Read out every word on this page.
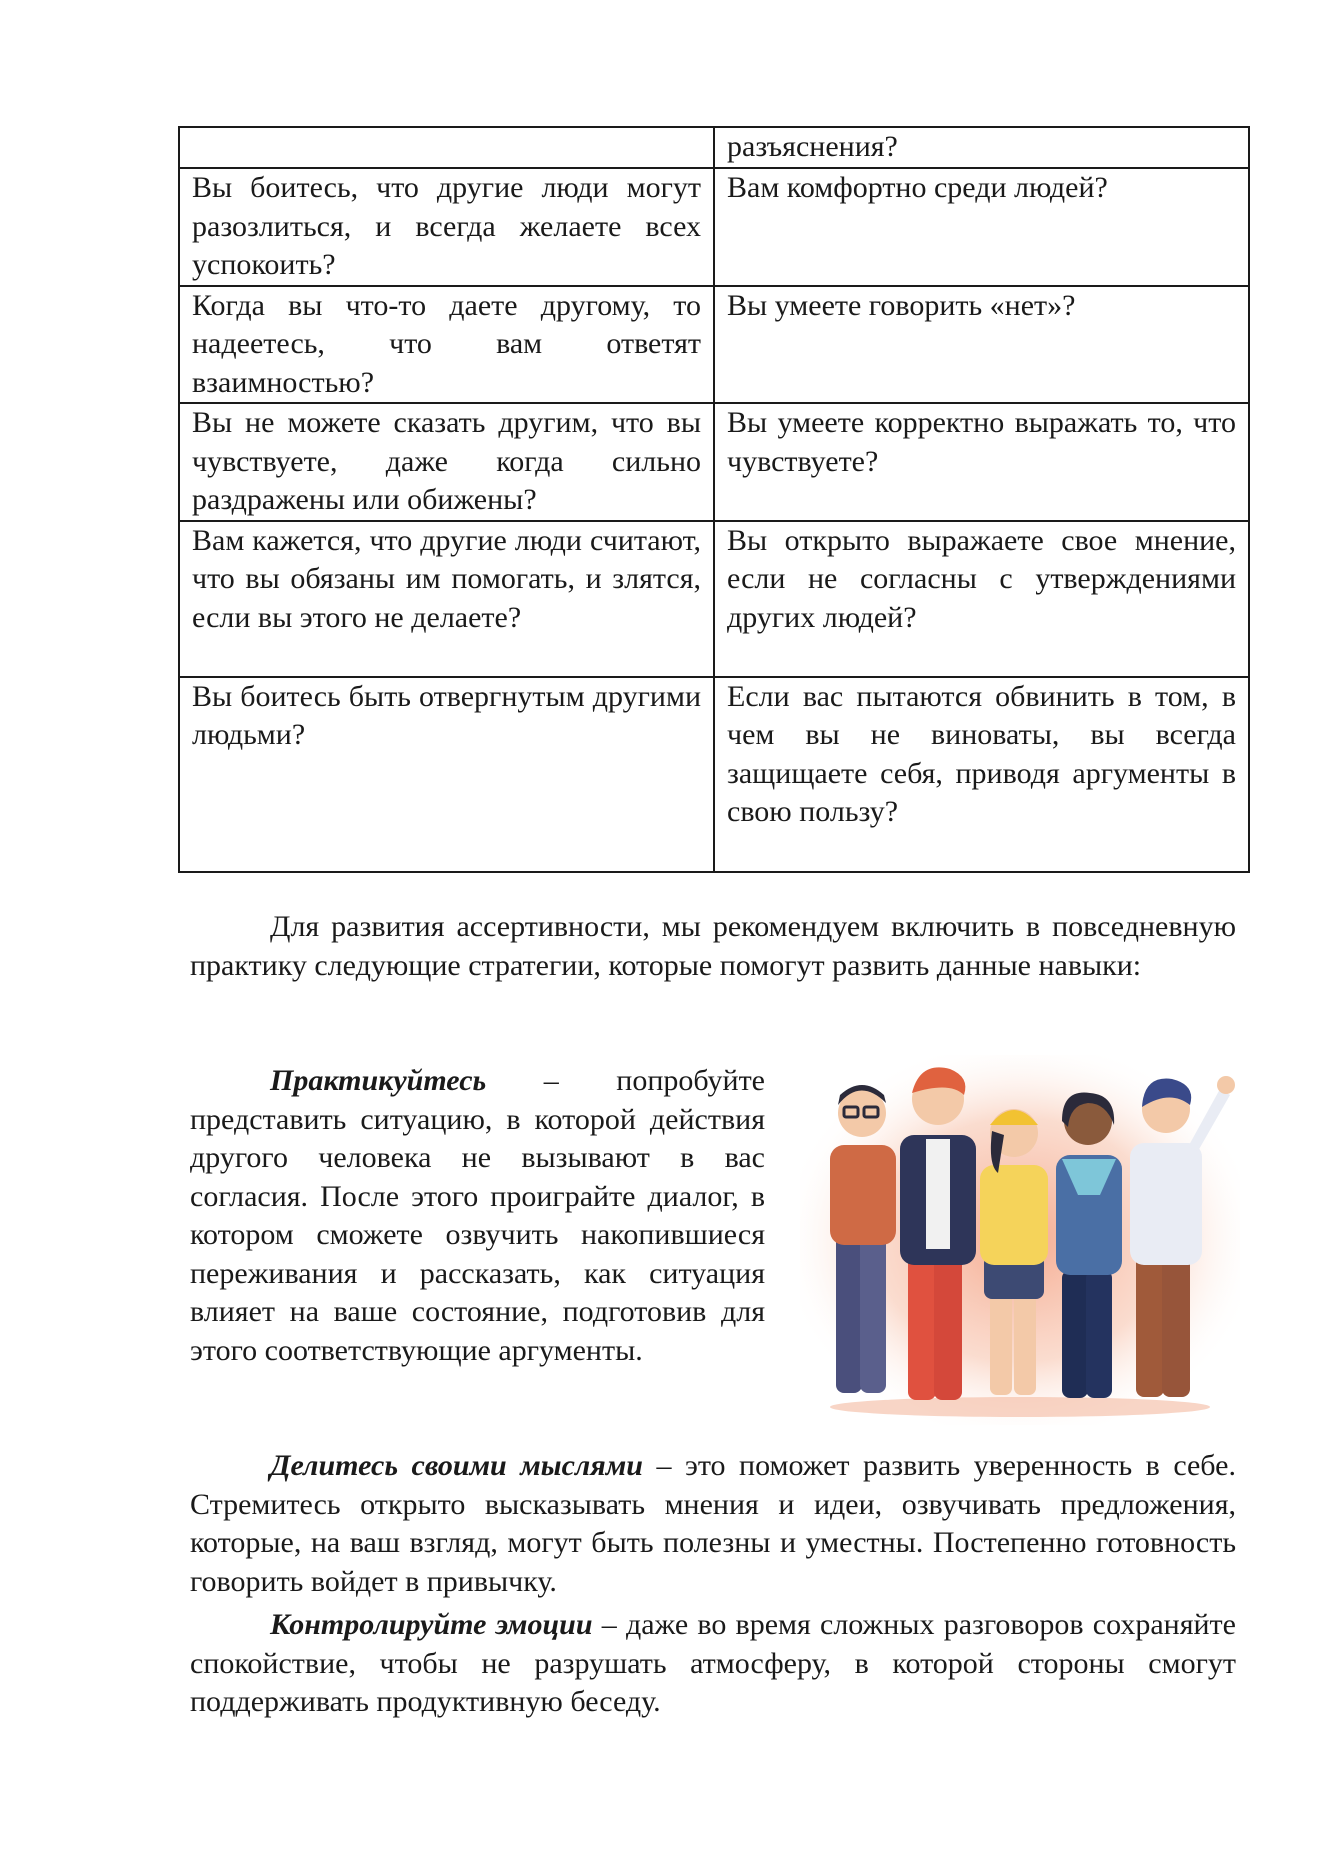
	разъяснения?
Вы боитесь, что другие люди могут разозлиться, и всегда желаете всех успокоить?	Вам комфортно среди людей?
Когда вы что-то даете другому, то надеетесь, что вам ответят взаимностью?	Вы умеете говорить «нет»?
Вы не можете сказать другим, что вы чувствуете, даже когда сильно раздражены или обижены?	Вы умеете корректно выражать то, что чувствуете?
Вам кажется, что другие люди считают, что вы обязаны им помогать, и злятся, если вы этого не делаете?	Вы открыто выражаете свое мнение, если не согласны с утверждениями других людей?
Вы боитесь быть отвергнутым другими людьми?	Если вас пытаются обвинить в том, в чем вы не виноваты, вы всегда защищаете себя, приводя аргументы в свою пользу?

Для развития ассертивности, мы рекомендуем включить в повседневную практику следующие стратегии, которые помогут развить данные навыки:

Практикуйтесь – попробуйте представить ситуацию, в которой действия другого человека не вызывают в вас согласия. После этого проиграйте диалог, в котором сможете озвучить накопившиеся переживания и рассказать, как ситуация влияет на ваше состояние, подготовив для этого соответствующие аргументы.

Делитесь своими мыслями – это поможет развить уверенность в себе. Стремитесь открыто высказывать мнения и идеи, озвучивать предложения, которые, на ваш взгляд, могут быть полезны и уместны. Постепенно готовность говорить войдет в привычку.

Контролируйте эмоции – даже во время сложных разговоров сохраняйте спокойствие, чтобы не разрушать атмосферу, в которой стороны смогут поддерживать продуктивную беседу.
